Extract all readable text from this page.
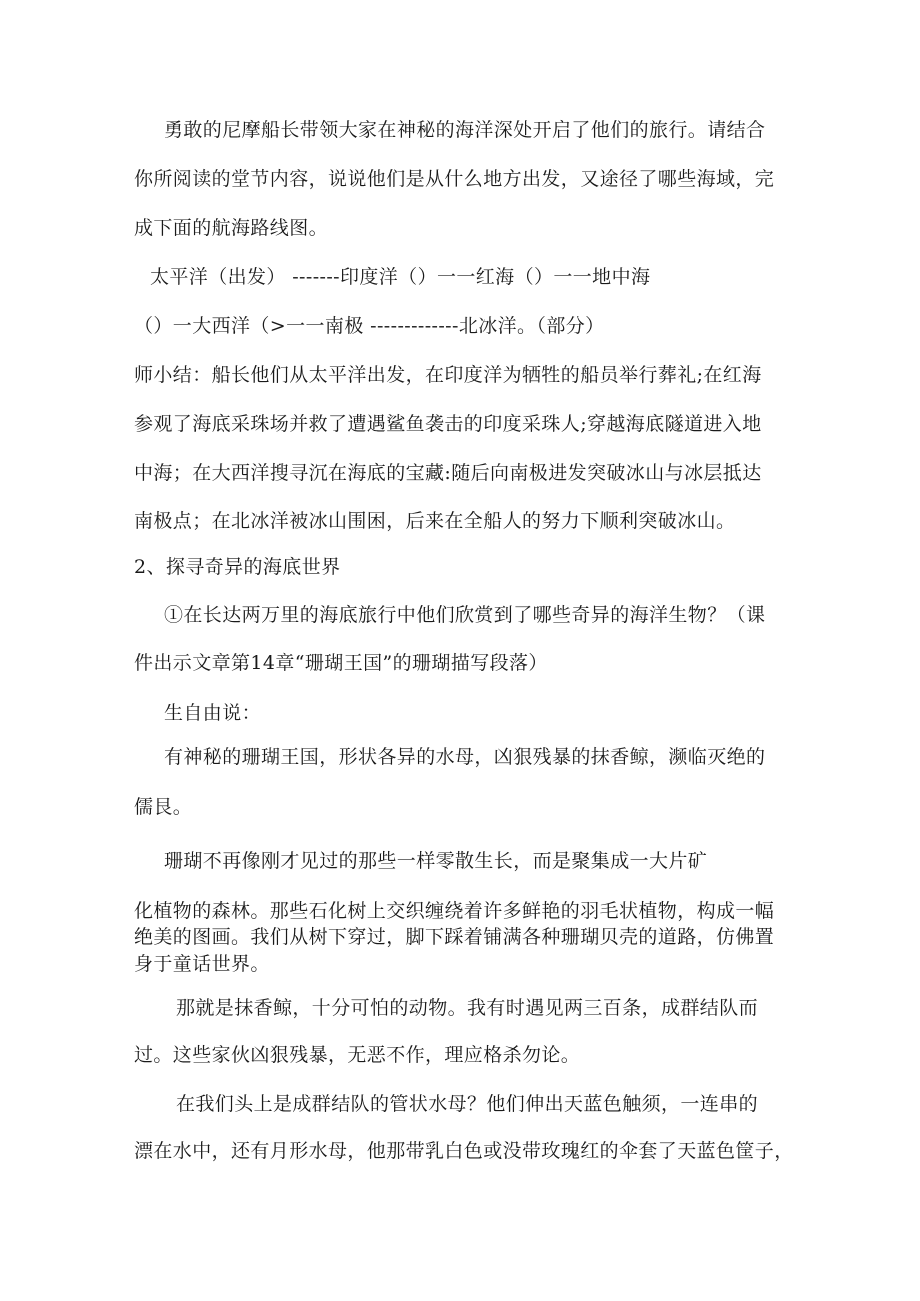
勇敢的尼摩船长带领大家在神秘的海洋深处开启了他们的旅行。请结合
你所阅读的堂节内容，说说他们是从什么地方出发，又途径了哪些海域，完
成下面的航海路线图。
太平洋（出发） -------印度洋（）一一红海（）一一地中海
（）一大西洋（>一一南极 -------------北冰洋。（部分）
师小结：船长他们从太平洋出发，在印度洋为牺牲的船员举行葬礼;在红海
参观了海底采珠场并救了遭遇鲨鱼袭击的印度采珠人;穿越海底隧道进入地
中海；在大西洋搜寻沉在海底的宝藏:随后向南极进发突破冰山与冰层抵达
南极点；在北冰洋被冰山围困，后来在全船人的努力下顺利突破冰山。
2、探寻奇异的海底世界
①在长达两万里的海底旅行中他们欣赏到了哪些奇异的海洋生物？（课
件出示文章第14章“珊瑚王国”的珊瑚描写段落）
生自由说：
有神秘的珊瑚王国，形状各异的水母，凶狠残暴的抹香鲸，濒临灭绝的
儒艮。
珊瑚不再像刚才见过的那些一样零散生长，而是聚集成一大片矿
化植物的森林。那些石化树上交织缠绕着许多鲜艳的羽毛状植物，构成一幅
绝美的图画。我们从树下穿过，脚下踩着铺满各种珊瑚贝壳的道路，仿佛置
身于童话世界。
那就是抹香鲸，十分可怕的动物。我有时遇见两三百条，成群结队而
过。这些家伙凶狠残暴，无恶不作，理应格杀勿论。
在我们头上是成群结队的管状水母？他们伸出天蓝色触须，一连串的
漂在水中，还有月形水母，他那带乳白色或没带玫瑰红的伞套了天蓝色筐子，
